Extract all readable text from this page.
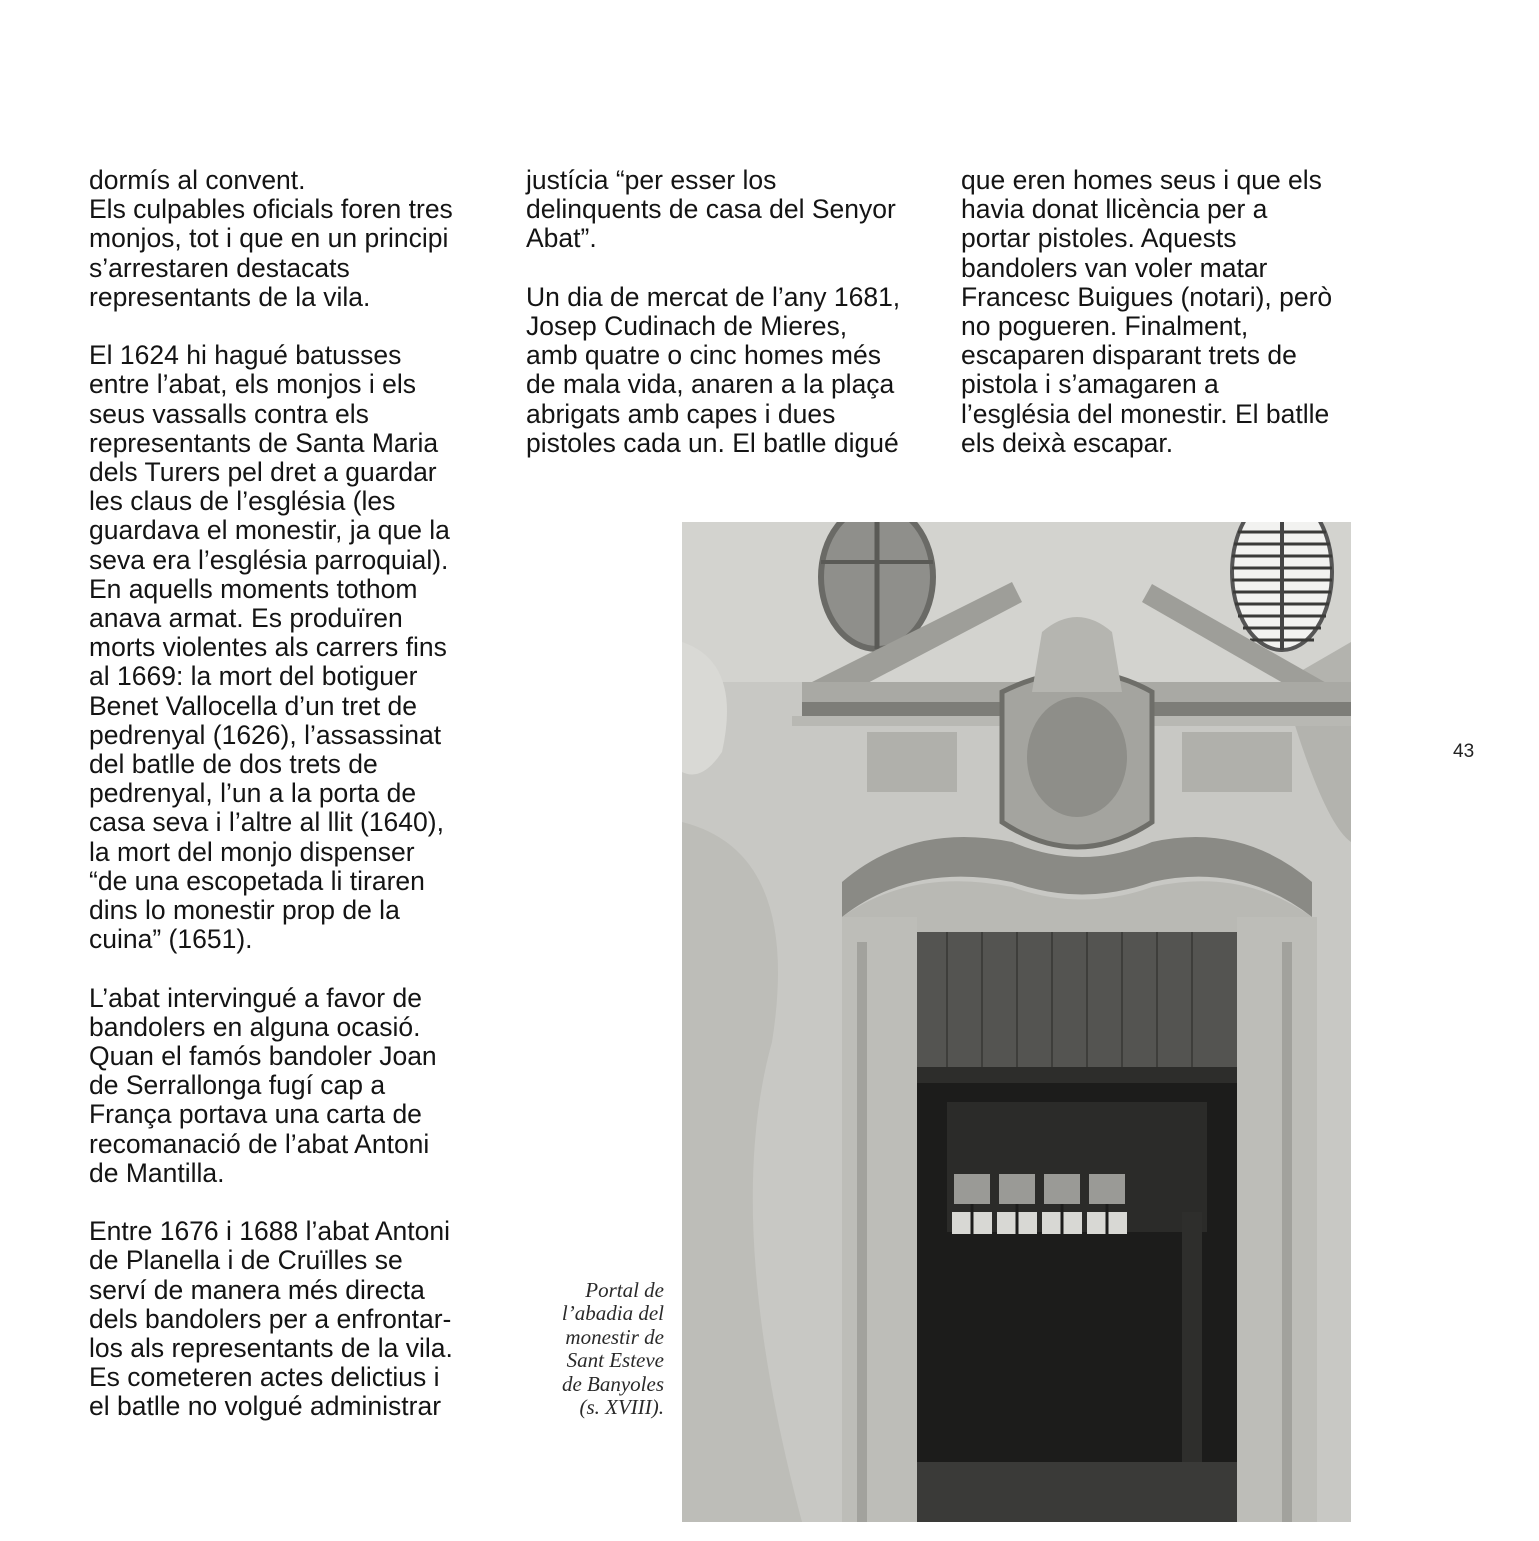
dormís al convent.
Els culpables oficials foren tres
monjos, tot i que en un principi
s’arrestaren destacats
representants de la vila.

El 1624 hi hagué batusses
entre l’abat, els monjos i els
seus vassalls contra els
representants de Santa Maria
dels Turers pel dret a guardar
les claus de l’església (les
guardava el monestir, ja que la
seva era l’església parroquial).
En aquells moments tothom
anava armat. Es produïren
morts violentes als carrers fins
al 1669: la mort del botiguer
Benet Vallocella d’un tret de
pedrenyal (1626), l’assassinat
del batlle de dos trets de
pedrenyal, l’un a la porta de
casa seva i l’altre al llit (1640),
la mort del monjo dispenser
“de una escopetada li tiraren
dins lo monestir prop de la
cuina” (1651).

L’abat intervingué a favor de
bandolers en alguna ocasió.
Quan el famós bandoler Joan
de Serrallonga fugí cap a
França portava una carta de
recomanació de l’abat Antoni
de Mantilla.

Entre 1676 i 1688 l’abat Antoni
de Planella i de Cruïlles se
serví de manera més directa
dels bandolers per a enfrontar-
los als representants de la vila.
Es cometeren actes delictius i
el batlle no volgué administrar

justícia “per esser los
delinquents de casa del Senyor
Abat”.

Un dia de mercat de l’any 1681,
Josep Cudinach de Mieres,
amb quatre o cinc homes més
de mala vida, anaren a la plaça
abrigats amb capes i dues
pistoles cada un. El batlle digué

que eren homes seus i que els
havia donat llicència per a
portar pistoles. Aquests
bandolers van voler matar
Francesc Buigues (notari), però
no pogueren. Finalment,
escaparen disparant trets de
pistola i s’amagaren a
l’església del monestir. El batlle
els deixà escapar.

Portal de
l’abadia del
monestir de
Sant Esteve
de Banyoles
(s. XVIII).
43
